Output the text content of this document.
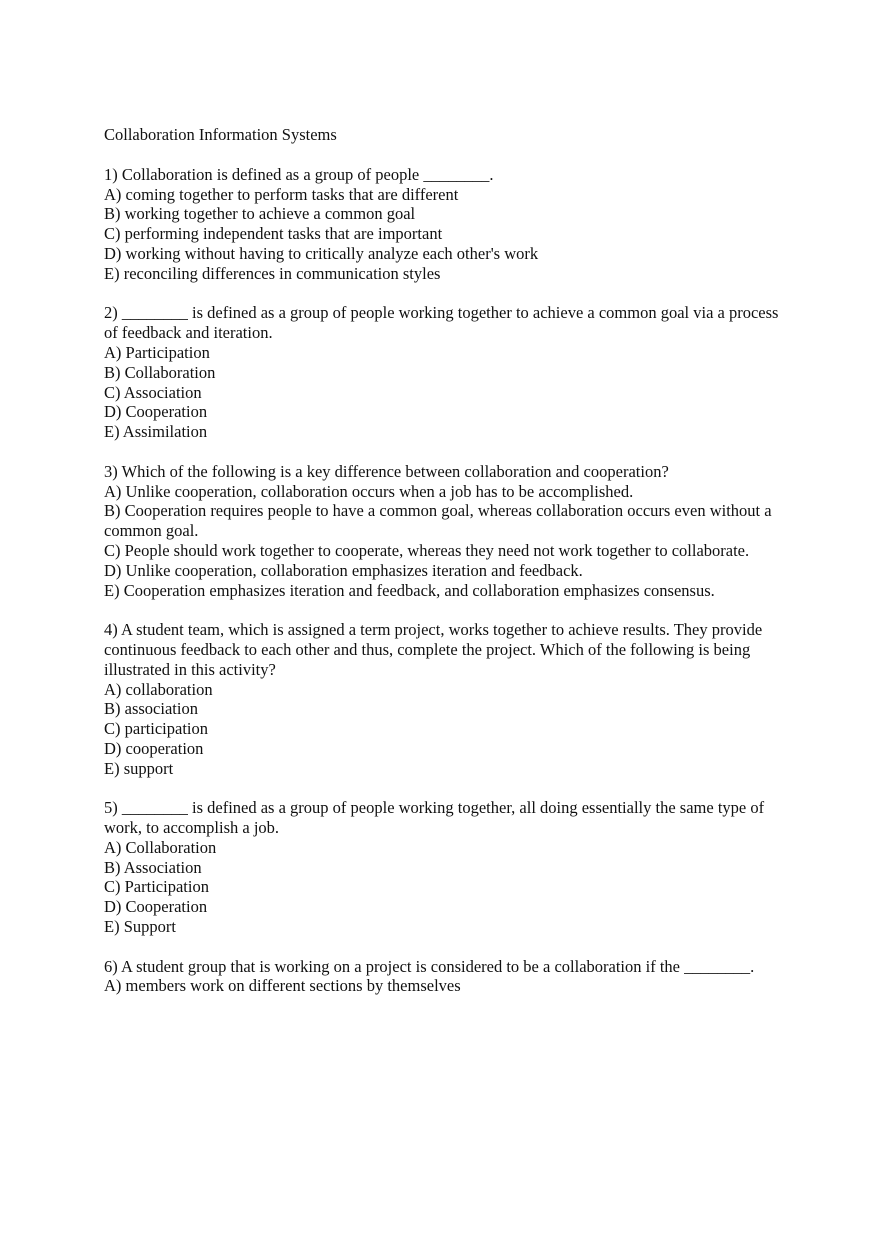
Collaboration Information Systems

1) Collaboration is defined as a group of people ________.

A) coming together to perform tasks that are different
B) working together to achieve a common goal
C) performing independent tasks that are important
D) working without having to critically analyze each other's work
E) reconciling differences in communication styles

2) ________ is defined as a group of people working together to achieve a common goal via a process of feedback and iteration.

A) Participation
B) Collaboration
C) Association
D) Cooperation
E) Assimilation

3) Which of the following is a key difference between collaboration and cooperation?

A) Unlike cooperation, collaboration occurs when a job has to be accomplished.
B) Cooperation requires people to have a common goal, whereas collaboration occurs even without a common goal.
C) People should work together to cooperate, whereas they need not work together to collaborate.
D) Unlike cooperation, collaboration emphasizes iteration and feedback.
E) Cooperation emphasizes iteration and feedback, and collaboration emphasizes consensus.

4) A student team, which is assigned a term project, works together to achieve results. They provide continuous feedback to each other and thus, complete the project. Which of the following is being illustrated in this activity?

A) collaboration
B) association
C) participation
D) cooperation
E) support

5) ________ is defined as a group of people working together, all doing essentially the same type of work, to accomplish a job.

A) Collaboration
B) Association
C) Participation
D) Cooperation
E) Support

6) A student group that is working on a project is considered to be a collaboration if the ________.

A) members work on different sections by themselves
